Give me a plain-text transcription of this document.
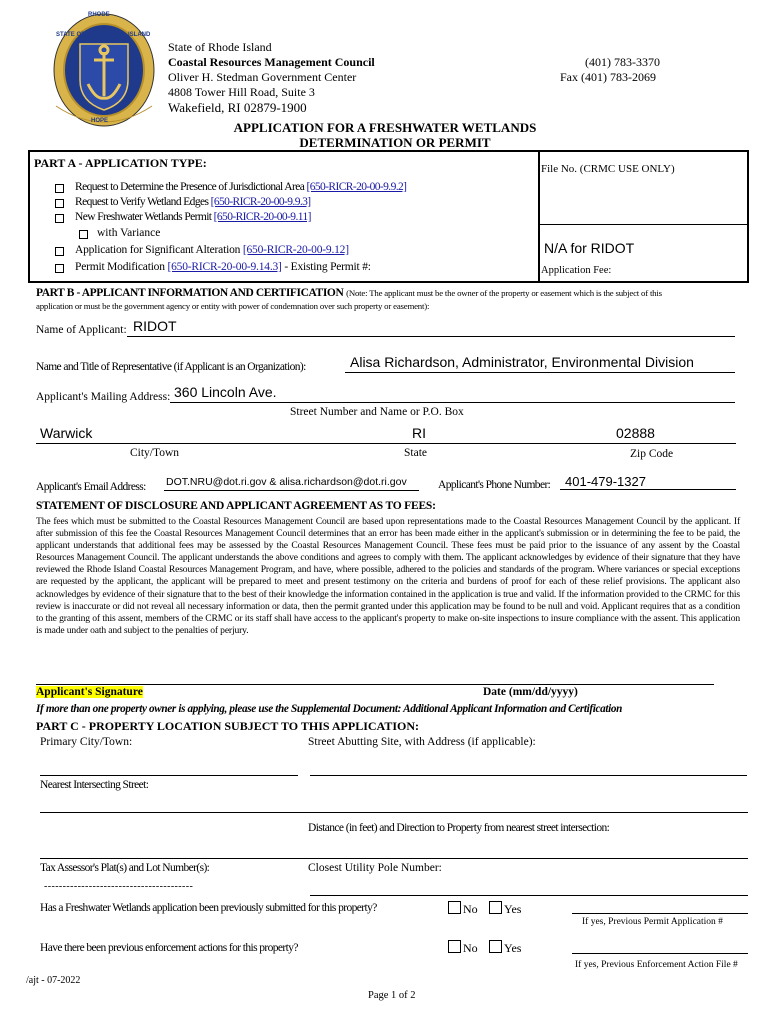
RHODE
STATE OF	ISLAND
HOPE
State of Rhode Island
Coastal Resources Management Council
Oliver H. Stedman Government Center
4808 Tower Hill Road, Suite 3
Wakefield, RI 02879-1900
(401) 783-3370
Fax (401) 783-2069
APPLICATION FOR A FRESHWATER WETLANDS
DETERMINATION OR PERMIT
PART A - APPLICATION TYPE:	File No. (CRMC USE ONLY)
N/A for RIDOT
Application Fee:
Request to Determine the Presence of Jurisdictional Area [650-RICR-20-00-9.9.2]
Request to Verify Wetland Edges [650-RICR-20-00-9.9.3]
New Freshwater Wetlands Permit [650-RICR-20-00-9.11]
with Variance
Application for Significant Alteration [650-RICR-20-00-9.12]
Permit Modification [650-RICR-20-00-9.14.3] - Existing Permit #:
PART B - APPLICANT INFORMATION AND CERTIFICATION (Note: The applicant must be the owner of the property or easement which is the subject of this
application or must be the government agency or entity with power of condemnation over such property or easement):
Name of Applicant: RIDOT
Name and Title of Representative (if Applicant is an Organization):	Alisa Richardson, Administrator, Environmental Division
Applicant's Mailing Address: 360 Lincoln Ave.
Street Number and Name or P.O. Box
Warwick	RI	02888
City/Town	State	Zip Code
Applicant's Email Address: DOT.NRU@dot.ri.gov & alisa.richardson@dot.ri.gov	Applicant's Phone Number: 401-479-1327
STATEMENT OF DISCLOSURE AND APPLICANT AGREEMENT AS TO FEES:
The fees which must be submitted to the Coastal Resources Management Council are based upon representations made to the Coastal Resources Management Council by the applicant. If after submission of this fee the Coastal Resources Management Council determines that an error has been made either in the applicant's submission or in determining the fee to be paid, the applicant understands that additional fees may be assessed by the Coastal Resources Management Council. These fees must be paid prior to the issuance of any assent by the Coastal Resources Management Council. The applicant understands the above conditions and agrees to comply with them. The applicant acknowledges by evidence of their signature that they have reviewed the Rhode Island Coastal Resources Management Program, and have, where possible, adhered to the policies and standards of the program. Where variances or special exceptions are requested by the applicant, the applicant will be prepared to meet and present testimony on the criteria and burdens of proof for each of these relief provisions. The applicant also acknowledges by evidence of their signature that to the best of their knowledge the information contained in the application is true and valid. If the information provided to the CRMC for this review is inaccurate or did not reveal all necessary information or data, then the permit granted under this application may be found to be null and void. Applicant requires that as a condition to the granting of this assent, members of the CRMC or its staff shall have access to the applicant's property to make on-site inspections to insure compliance with the assent. This application is made under oath and subject to the penalties of perjury.
Applicant's Signature	Date (mm/dd/yyyy)
If more than one property owner is applying, please use the Supplemental Document: Additional Applicant Information and Certification
PART C - PROPERTY LOCATION SUBJECT TO THIS APPLICATION:
Primary City/Town:	Street Abutting Site, with Address (if applicable):
Nearest Intersecting Street:
Distance (in feet) and Direction to Property from nearest street intersection:
Tax Assessor's Plat(s) and Lot Number(s):	Closest Utility Pole Number:
----------------------------------------
Has a Freshwater Wetlands application been previously submitted for this property?	No Yes
If yes, Previous Permit Application #
Have there been previous enforcement actions for this property?	No Yes
If yes, Previous Enforcement Action File #
/ajt - 07-2022
Page 1 of 2
